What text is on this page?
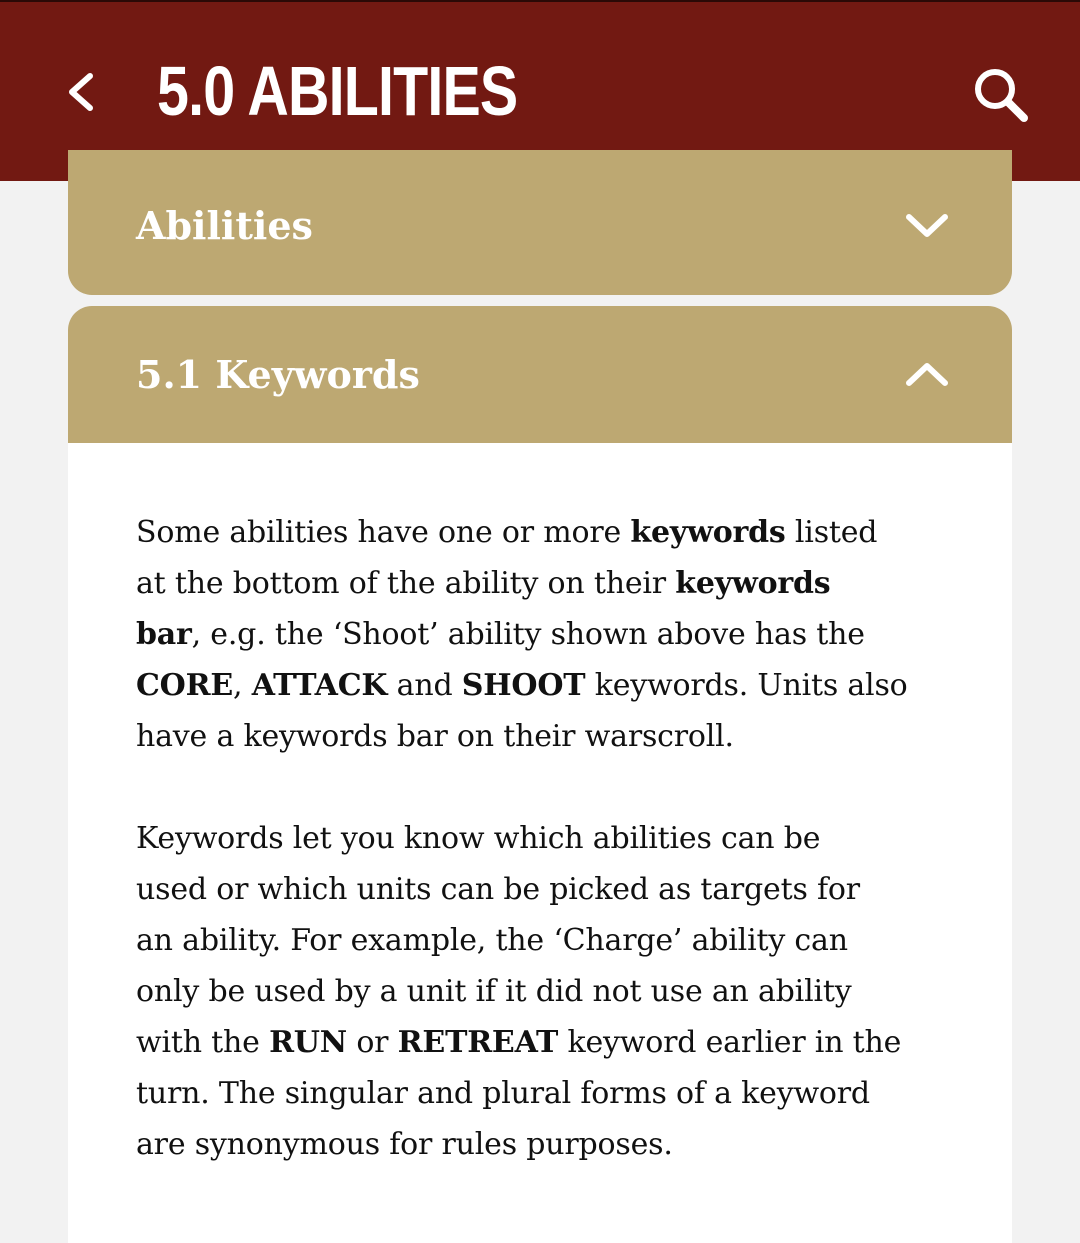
5.0 ABILITIES
Abilities
5.1 Keywords

Some abilities have one or more keywords listed
at the bottom of the ability on their keywords
bar, e.g. the ‘Shoot’ ability shown above has the
CORE, ATTACK and SHOOT keywords. Units also
have a keywords bar on their warscroll.

Keywords let you know which abilities can be
used or which units can be picked as targets for
an ability. For example, the ‘Charge’ ability can
only be used by a unit if it did not use an ability
with the RUN or RETREAT keyword earlier in the
turn. The singular and plural forms of a keyword
are synonymous for rules purposes.
